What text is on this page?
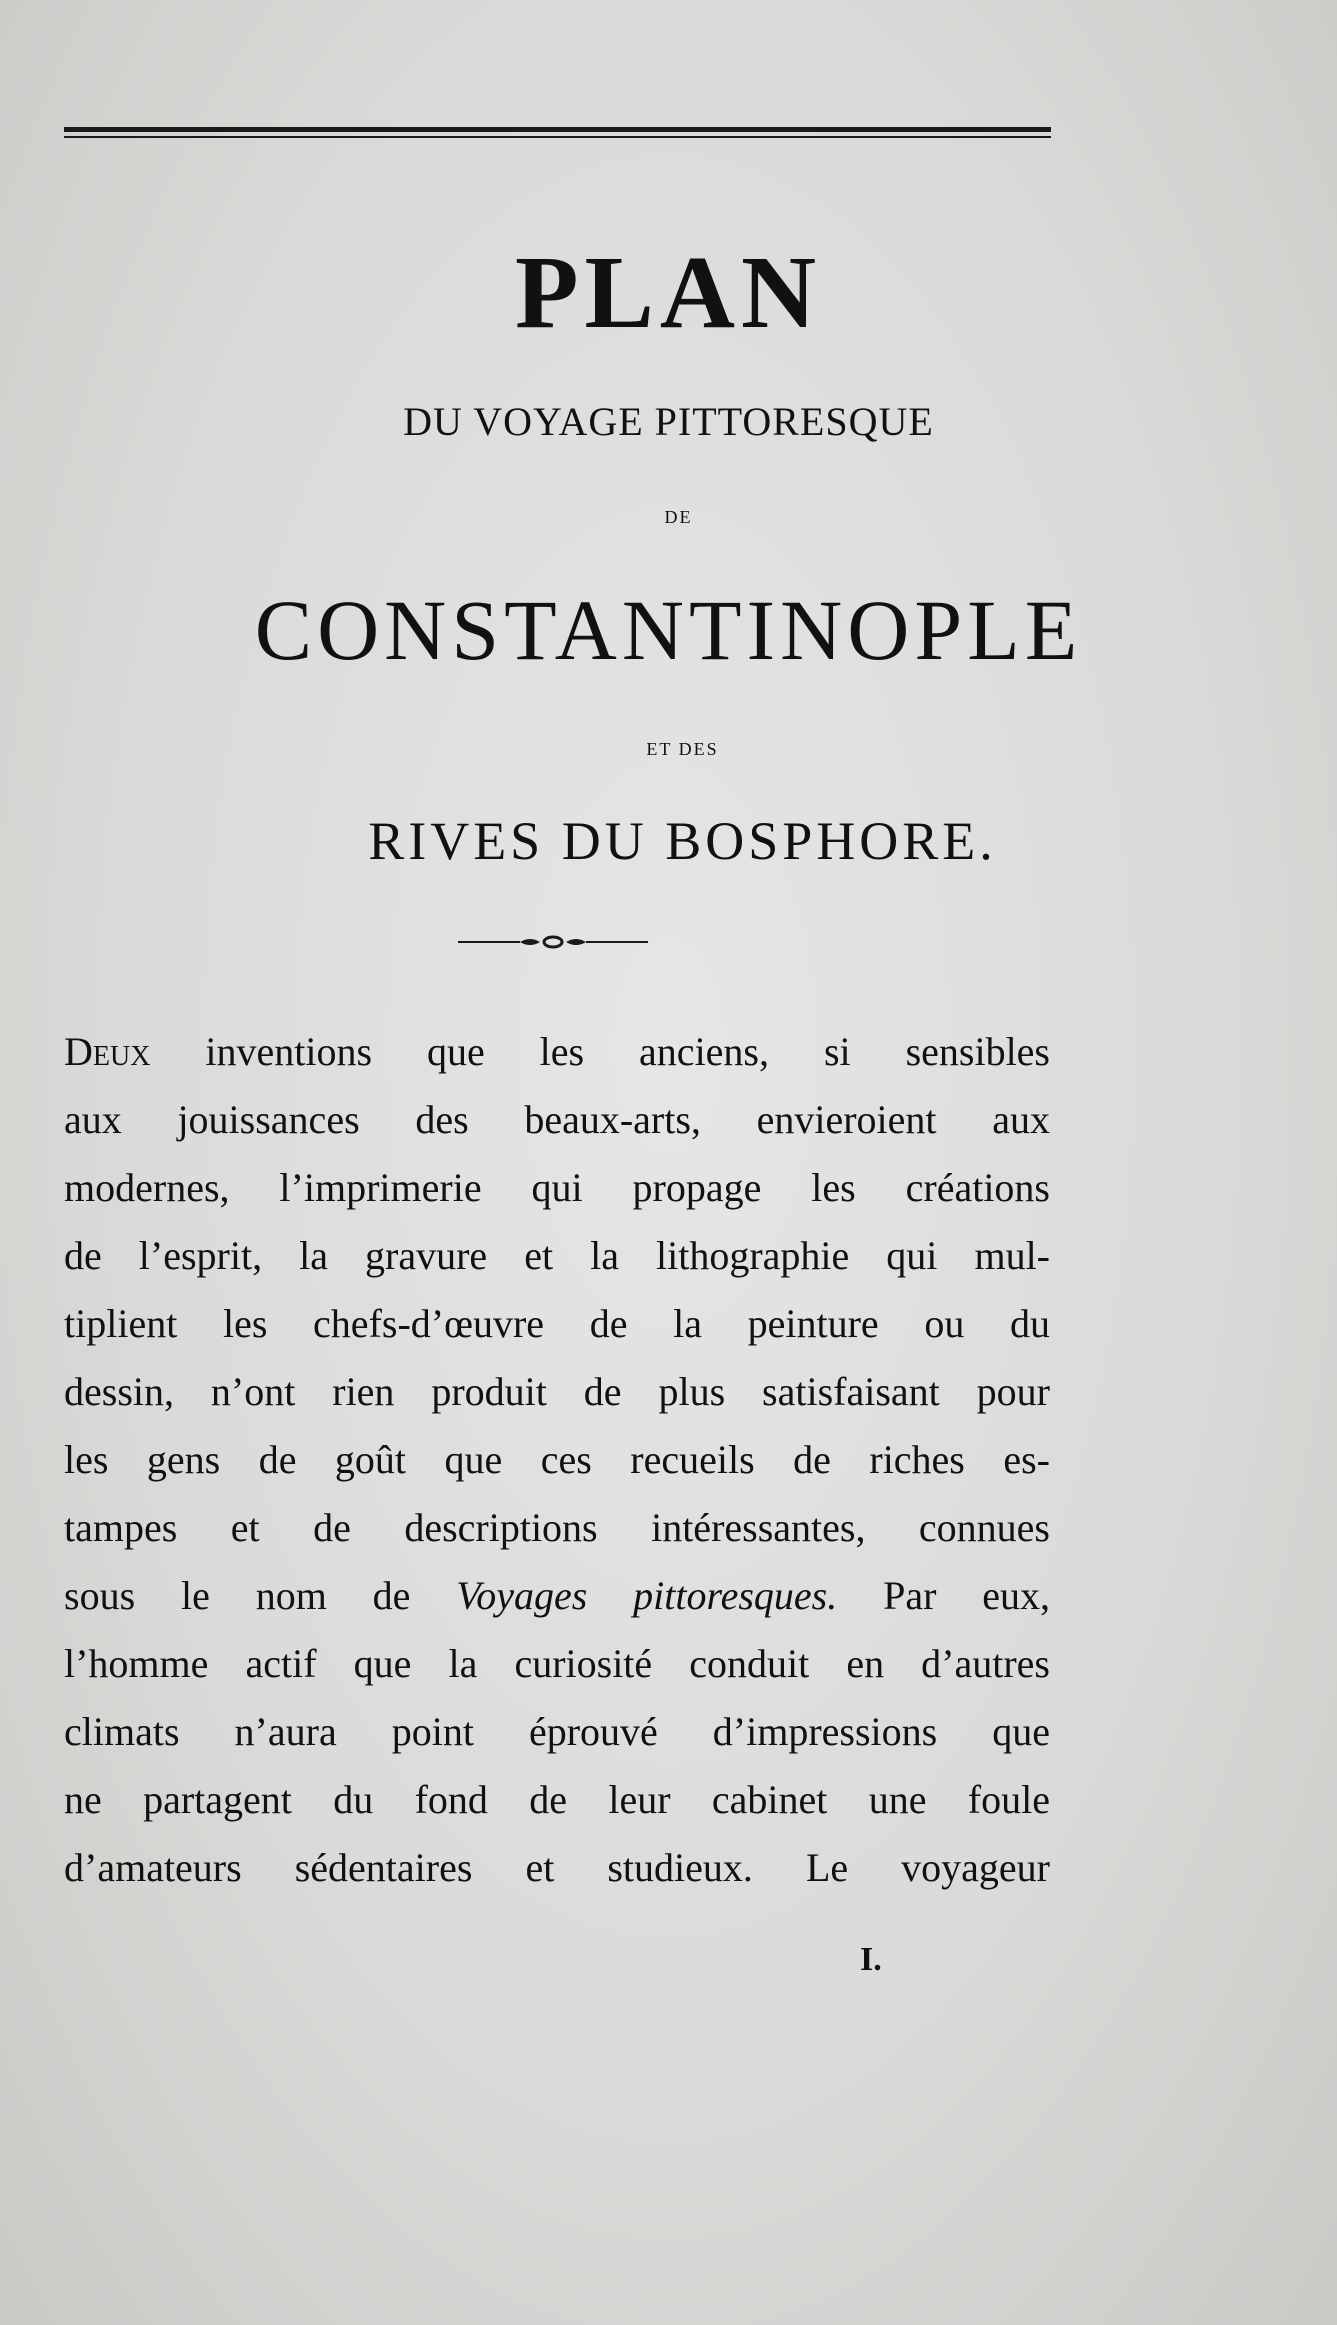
PLAN
DU VOYAGE PITTORESQUE
DE
CONSTANTINOPLE
ET DES
RIVES DU BOSPHORE.
Deux inventions que les anciens, si sensibles
aux jouissances des beaux-arts, envieroient aux
modernes, l’imprimerie qui propage les créations
de l’esprit, la gravure et la lithographie qui mul-
tiplient les chefs-d’œuvre de la peinture ou du
dessin, n’ont rien produit de plus satisfaisant pour
les gens de goût que ces recueils de riches es-
tampes et de descriptions intéressantes, connues
sous le nom de Voyages pittoresques. Par eux,
l’homme actif que la curiosité conduit en d’autres
climats n’aura point éprouvé d’impressions que
ne partagent du fond de leur cabinet une foule
d’amateurs sédentaires et studieux. Le voyageur
I.
